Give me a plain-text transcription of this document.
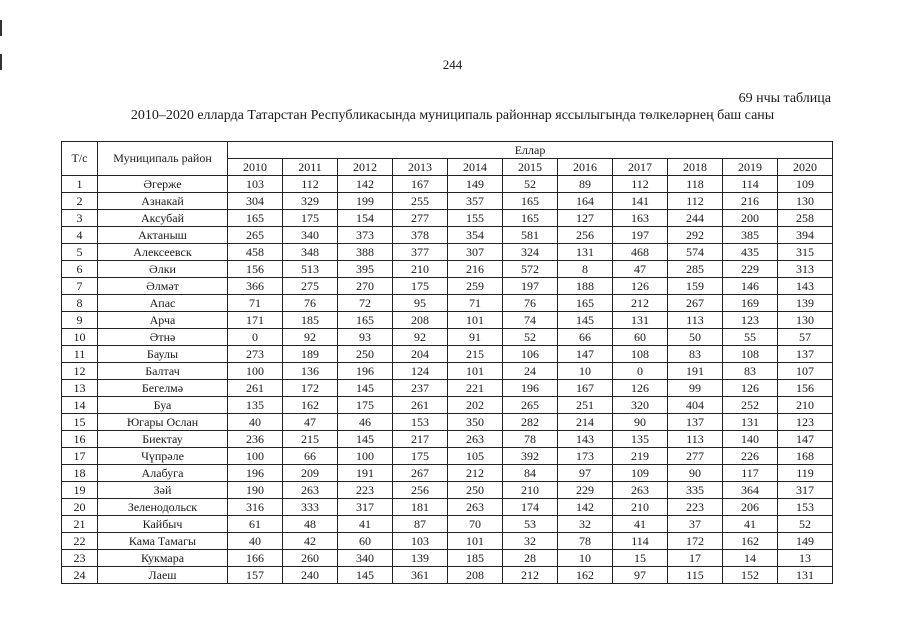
244
69 нчы таблица
2010–2020 елларда Татарстан Республикасында муниципаль районнар яссылыгында төлкеләрнең баш саны
Т/с	Муниципаль район	Еллар										
		2010	2011	2012	2013	2014	2015	2016	2017	2018	2019	2020
1	Әгерже	103	112	142	167	149	52	89	112	118	114	109
2	Азнакай	304	329	199	255	357	165	164	141	112	216	130
3	Аксубай	165	175	154	277	155	165	127	163	244	200	258
4	Актаныш	265	340	373	378	354	581	256	197	292	385	394
5	Алексеевск	458	348	388	377	307	324	131	468	574	435	315
6	Әлки	156	513	395	210	216	572	8	47	285	229	313
7	Әлмәт	366	275	270	175	259	197	188	126	159	146	143
8	Апас	71	76	72	95	71	76	165	212	267	169	139
9	Арча	171	185	165	208	101	74	145	131	113	123	130
10	Әтнә	0	92	93	92	91	52	66	60	50	55	57
11	Баулы	273	189	250	204	215	106	147	108	83	108	137
12	Балтач	100	136	196	124	101	24	10	0	191	83	107
13	Бегелмә	261	172	145	237	221	196	167	126	99	126	156
14	Буа	135	162	175	261	202	265	251	320	404	252	210
15	Югары Ослан	40	47	46	153	350	282	214	90	137	131	123
16	Биектау	236	215	145	217	263	78	143	135	113	140	147
17	Чүпрәле	100	66	100	175	105	392	173	219	277	226	168
18	Алабуга	196	209	191	267	212	84	97	109	90	117	119
19	Зәй	190	263	223	256	250	210	229	263	335	364	317
20	Зеленодольск	316	333	317	181	263	174	142	210	223	206	153
21	Кайбыч	61	48	41	87	70	53	32	41	37	41	52
22	Кама Тамагы	40	42	60	103	101	32	78	114	172	162	149
23	Кукмара	166	260	340	139	185	28	10	15	17	14	13
24	Лаеш	157	240	145	361	208	212	162	97	115	152	131
